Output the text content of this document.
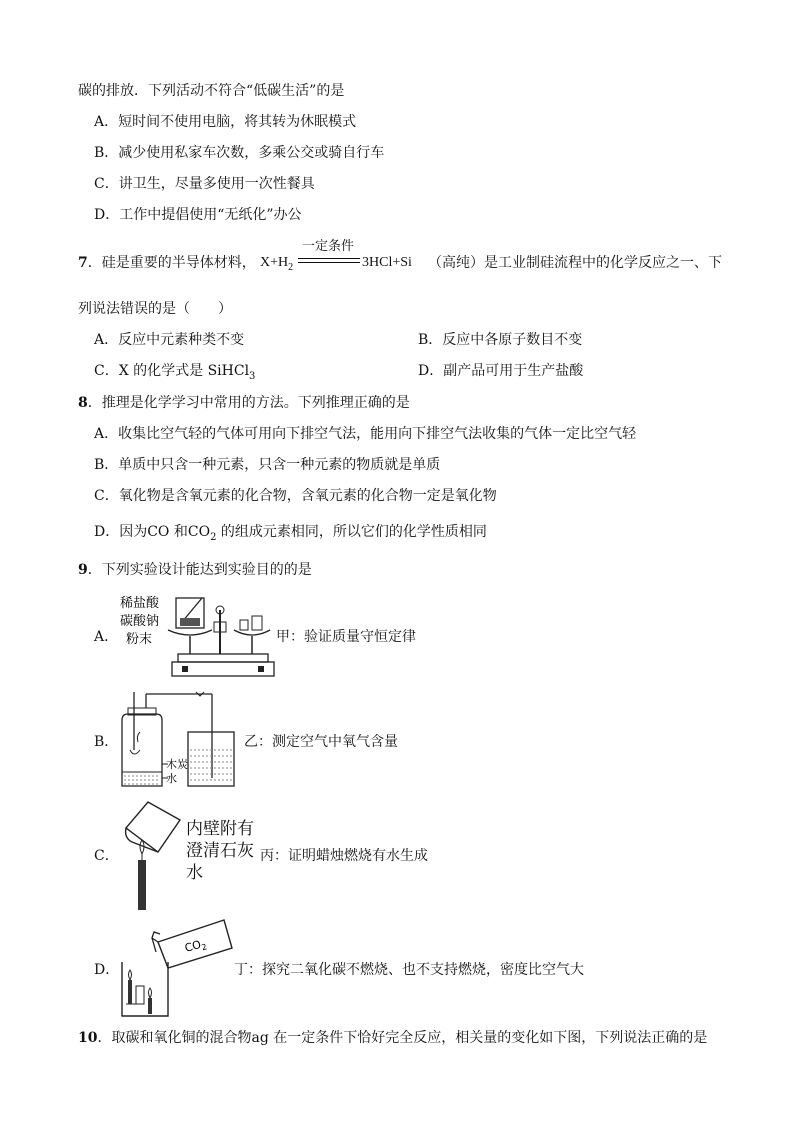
碳的排放．下列活动不符合“低碳生活”的是
A．短时间不使用电脑，将其转为休眠模式
B．减少使用私家车次数，多乘公交或骑自行车
C．讲卫生，尽量多使用一次性餐具
D．工作中提倡使用“无纸化”办公
7．硅是重要的半导体材料， $X+H_2$
一定条件
3HCl+Si （高纯）是工业制硅流程中的化学反应之一、下
列说法错误的是（　　）
A．反应中元素种类不变	B．反应中各原子数目不变
C．X 的化学式是 SiHCl$_3$	D．副产品可用于生产盐酸
8．推理是化学学习中常用的方法。下列推理正确的是
A．收集比空气轻的气体可用向下排空气法，能用向下排空气法收集的气体一定比空气轻
B．单质中只含一种元素，只含一种元素的物质就是单质
C．氧化物是含氧元素的化合物，含氧元素的化合物一定是氧化物
D．因为CO 和$CO_2$ 的组成元素相同，所以它们的化学性质相同
9．下列实验设计能达到实验目的的是
A．
稀盐酸
碳酸钠
粉末	甲：验证质量守恒定律
B．
木炭
水
乙：测定空气中氧气含量
C．
内壁附有
澄清石灰
水
丙：证明蜡烛燃烧有水生成
D．
$CO_2$
丁：探究二氧化碳不燃烧、也不支持燃烧，密度比空气大
10．取碳和氧化铜的混合物ag 在一定条件下恰好完全反应，相关量的变化如下图，下列说法正确的是
